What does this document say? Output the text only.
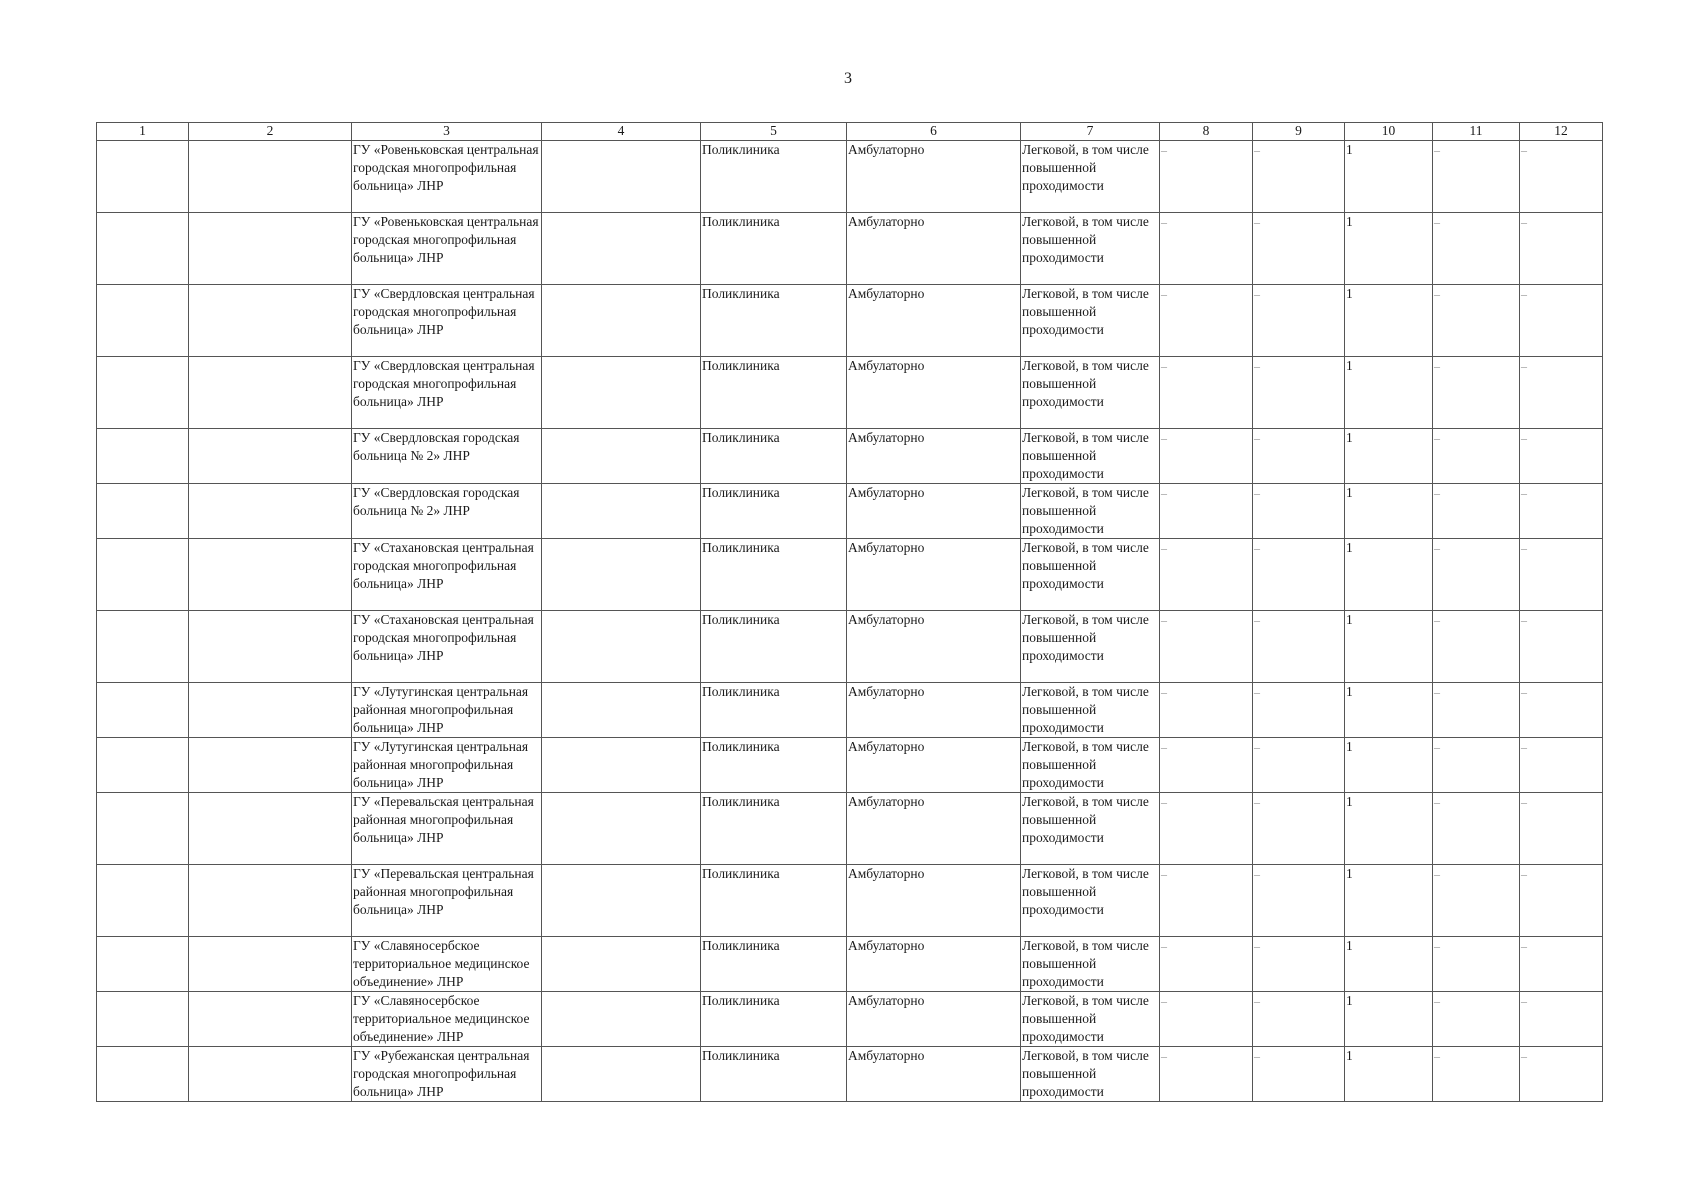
3
1	2	3	4	5	6	7	8	9	10	11	12
		ГУ «Ровеньковская центральная городская многопрофильная больница» ЛНР		Поликлиника	Амбулаторно	Легковой, в том числе повышенной проходимости	–	–	1	–	–
		ГУ «Ровеньковская центральная городская многопрофильная больница» ЛНР		Поликлиника	Амбулаторно	Легковой, в том числе повышенной проходимости	–	–	1	–	–
		ГУ «Свердловская центральная городская многопрофильная больница» ЛНР		Поликлиника	Амбулаторно	Легковой, в том числе повышенной проходимости	–	–	1	–	–
		ГУ «Свердловская центральная городская многопрофильная больница» ЛНР		Поликлиника	Амбулаторно	Легковой, в том числе повышенной проходимости	–	–	1	–	–
		ГУ «Свердловская городская больница № 2» ЛНР		Поликлиника	Амбулаторно	Легковой, в том числе повышенной проходимости	–	–	1	–	–
		ГУ «Свердловская городская больница № 2» ЛНР		Поликлиника	Амбулаторно	Легковой, в том числе повышенной проходимости	–	–	1	–	–
		ГУ «Стахановская центральная городская многопрофильная больница» ЛНР		Поликлиника	Амбулаторно	Легковой, в том числе повышенной проходимости	–	–	1	–	–
		ГУ «Стахановская центральная городская многопрофильная больница» ЛНР		Поликлиника	Амбулаторно	Легковой, в том числе повышенной проходимости	–	–	1	–	–
		ГУ «Лутугинская центральная районная многопрофильная больница» ЛНР		Поликлиника	Амбулаторно	Легковой, в том числе повышенной проходимости	–	–	1	–	–
		ГУ «Лутугинская центральная районная многопрофильная больница» ЛНР		Поликлиника	Амбулаторно	Легковой, в том числе повышенной проходимости	–	–	1	–	–
		ГУ «Перевальская центральная районная многопрофильная больница» ЛНР		Поликлиника	Амбулаторно	Легковой, в том числе повышенной проходимости	–	–	1	–	–
		ГУ «Перевальская центральная районная многопрофильная больница» ЛНР		Поликлиника	Амбулаторно	Легковой, в том числе повышенной проходимости	–	–	1	–	–
		ГУ «Славяносербское территориальное медицинское объединение» ЛНР		Поликлиника	Амбулаторно	Легковой, в том числе повышенной проходимости	–	–	1	–	–
		ГУ «Славяносербское территориальное медицинское объединение» ЛНР		Поликлиника	Амбулаторно	Легковой, в том числе повышенной проходимости	–	–	1	–	–
		ГУ «Рубежанская центральная городская многопрофильная больница» ЛНР		Поликлиника	Амбулаторно	Легковой, в том числе повышенной проходимости	–	–	1	–	–
